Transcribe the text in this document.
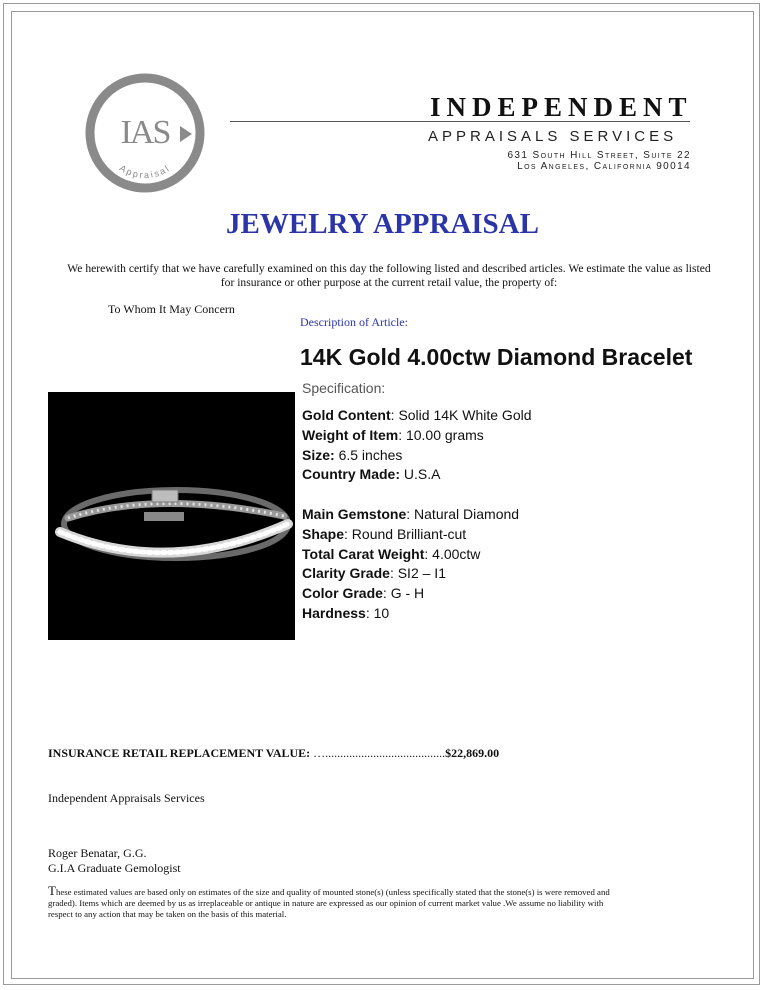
IAS
Appraisal
INDEPENDENT
APPRAISALS SERVICES
631 South Hill Street, Suite 22
Los Angeles, California 90014
JEWELRY APPRAISAL
We herewith certify that we have carefully examined on this day the following listed and described articles. We estimate the value as listed for insurance or other purpose at the current retail value, the property of:
To Whom It May Concern
Description of Article:
14K Gold 4.00ctw Diamond Bracelet
Specification:
Gold Content: Solid 14K White Gold
Weight of Item: 10.00 grams
Size: 6.5 inches
Country Made: U.S.A
Main Gemstone: Natural Diamond
Shape: Round Brilliant-cut
Total Carat Weight: 4.00ctw
Clarity Grade: SI2 – I1
Color Grade: G - H
Hardness: 10
INSURANCE RETAIL REPLACEMENT VALUE: …........................................$22,869.00
Independent Appraisals Services
Roger Benatar, G.G.
G.I.A Graduate Gemologist
These estimated values are based only on estimates of the size and quality of mounted stone(s) (unless specifically stated that the stone(s) is were removed and graded). Items which are deemed by us as irreplaceable or antique in nature are expressed as our opinion of current market value .We assume no liability with respect to any action that may be taken on the basis of this material.
